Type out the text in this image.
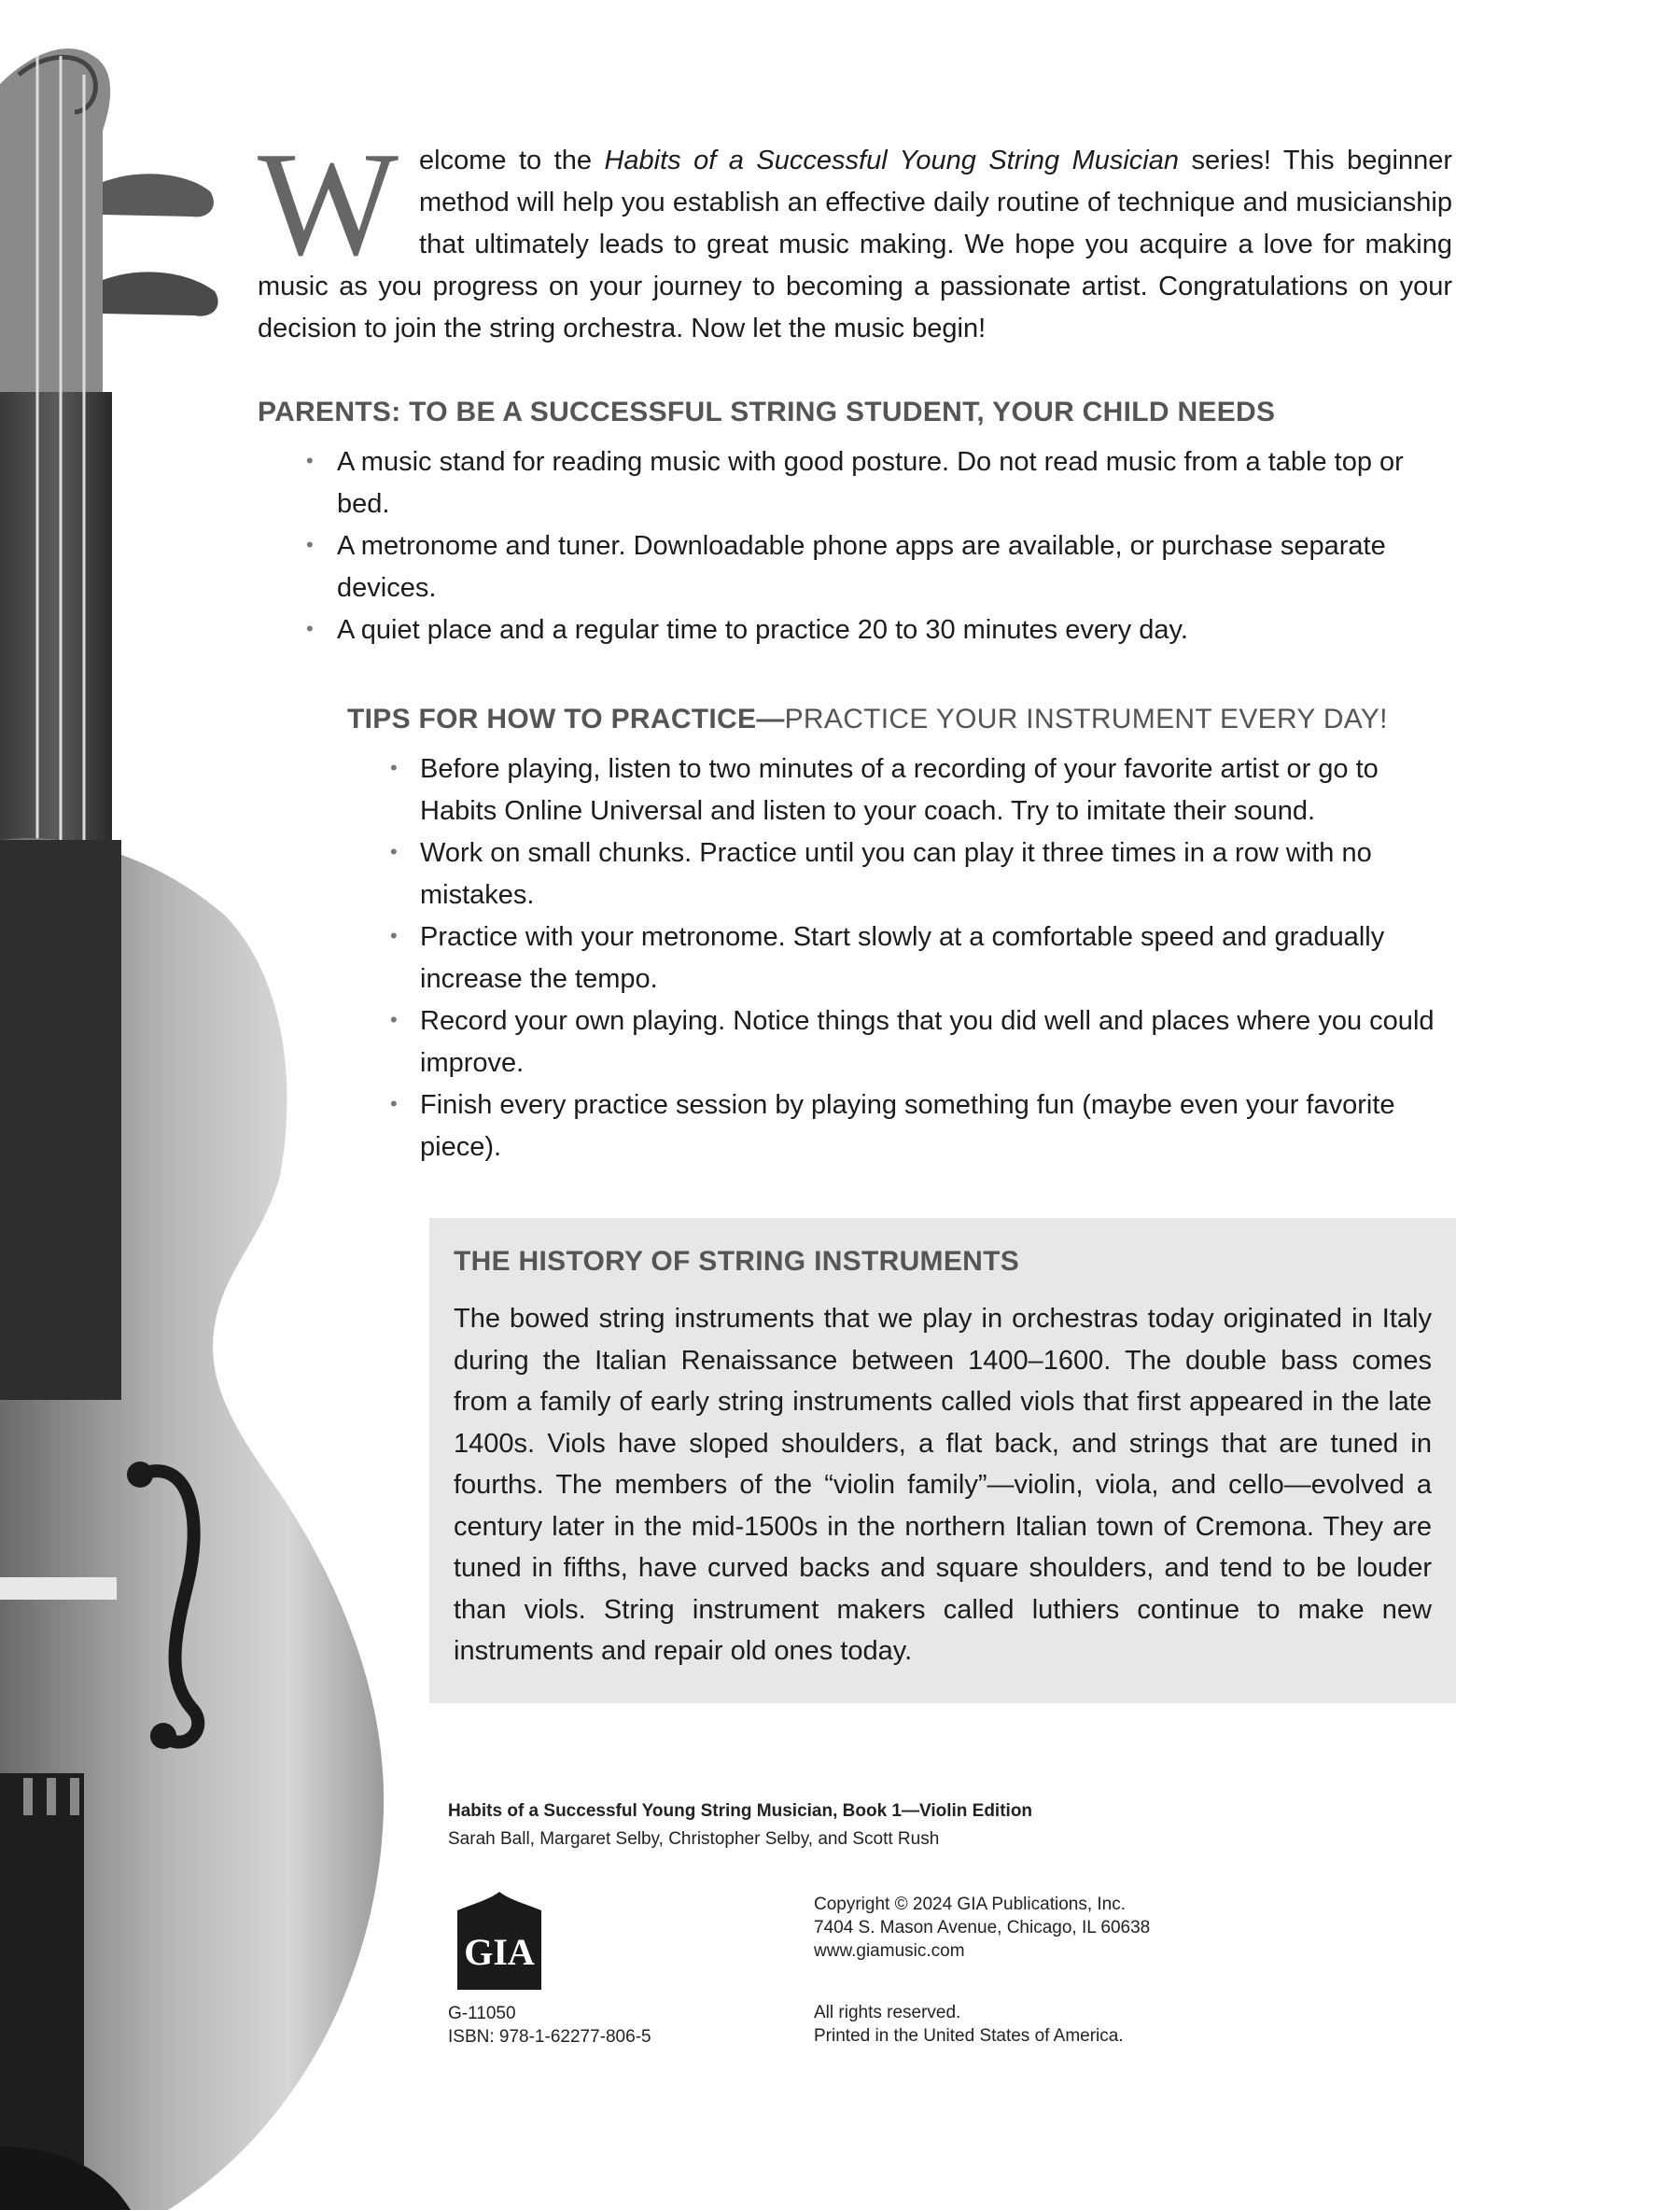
Welcome to the Habits of a Successful Young String Musician series! This beginner method will help you establish an effective daily routine of technique and musicianship that ultimately leads to great music making. We hope you acquire a love for making music as you progress on your journey to becoming a passionate artist. Congratulations on your decision to join the string orchestra. Now let the music begin!

PARENTS: TO BE A SUCCESSFUL STRING STUDENT, YOUR CHILD NEEDS
• A music stand for reading music with good posture. Do not read music from a table top or bed.
• A metronome and tuner. Downloadable phone apps are available, or purchase separate devices.
• A quiet place and a regular time to practice 20 to 30 minutes every day.
TIPS FOR HOW TO PRACTICE—PRACTICE YOUR INSTRUMENT EVERY DAY!
• Before playing, listen to two minutes of a recording of your favorite artist or go to Habits Online Universal and listen to your coach. Try to imitate their sound.
• Work on small chunks. Practice until you can play it three times in a row with no mistakes.
• Practice with your metronome. Start slowly at a comfortable speed and gradually increase the tempo.
• Record your own playing. Notice things that you did well and places where you could improve.
• Finish every practice session by playing something fun (maybe even your favorite piece).
THE HISTORY OF STRING INSTRUMENTS

The bowed string instruments that we play in orchestras today originated in Italy during the Italian Renaissance between 1400–1600. The double bass comes from a family of early string instruments called viols that first appeared in the late 1400s. Viols have sloped shoulders, a flat back, and strings that are tuned in fourths. The members of the “violin family”—violin, viola, and cello—evolved a century later in the mid-1500s in the northern Italian town of Cremona. They are tuned in fifths, have curved backs and square shoulders, and tend to be louder than viols. String instrument makers called luthiers continue to make new instruments and repair old ones today.

Habits of a Successful Young String Musician, Book 1—Violin Edition
Sarah Ball, Margaret Selby, Christopher Selby, and Scott Rush
GIA
G-11050
ISBN: 978-1-62277-806-5
Copyright © 2024 GIA Publications, Inc.
7404 S. Mason Avenue, Chicago, IL 60638
www.giamusic.com
All rights reserved.
Printed in the United States of America.
